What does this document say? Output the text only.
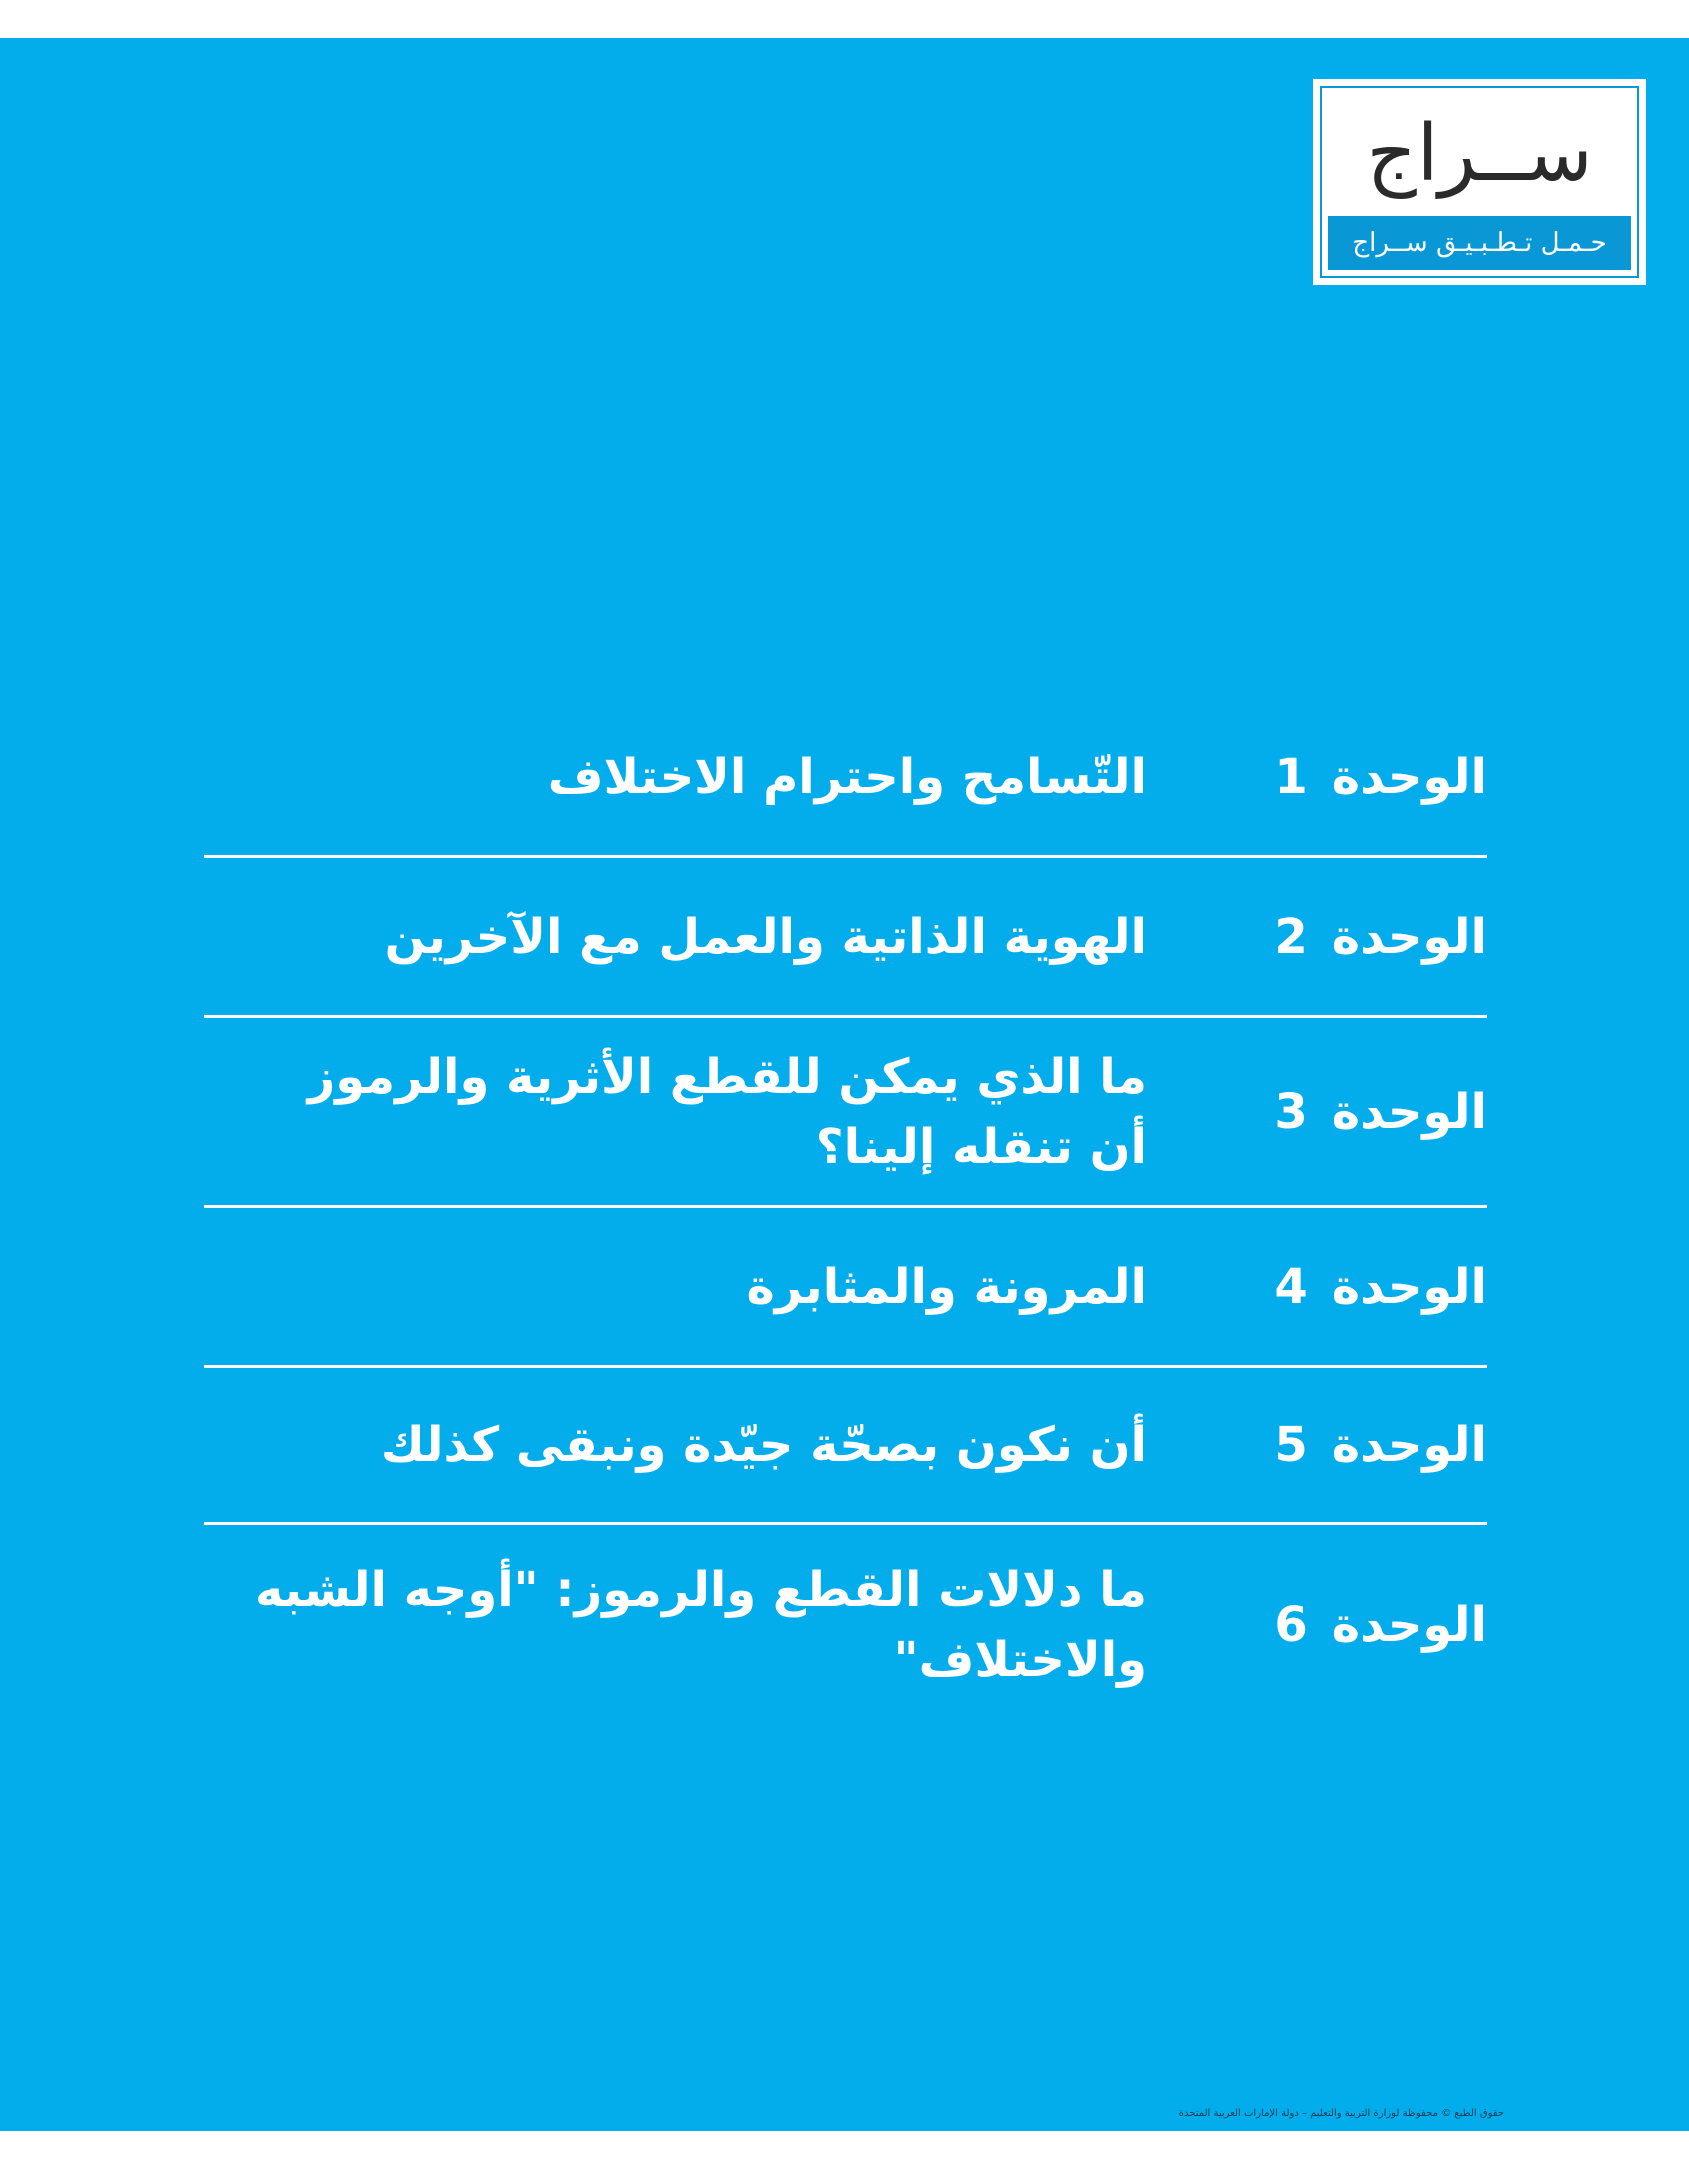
ســراج
حـمـل تـطـبـيـق ســراج
الوحدة
1
التّسامح واحترام الاختلاف
الوحدة
2
الهوية الذاتية والعمل مع الآخرين
الوحدة
3
ما الذي يمكن للقطع الأثرية والرموز أن تنقله إلينا؟
الوحدة
4
المرونة والمثابرة
الوحدة
5
أن نكون بصحّة جيّدة ونبقى كذلك
الوحدة
6
ما دلالات القطع والرموز: "أوجه الشبه والاختلاف"
حقوق الطبع © محفوظة لوزارة التربية والتعليم – دولة الإمارات العربية المتحدة
